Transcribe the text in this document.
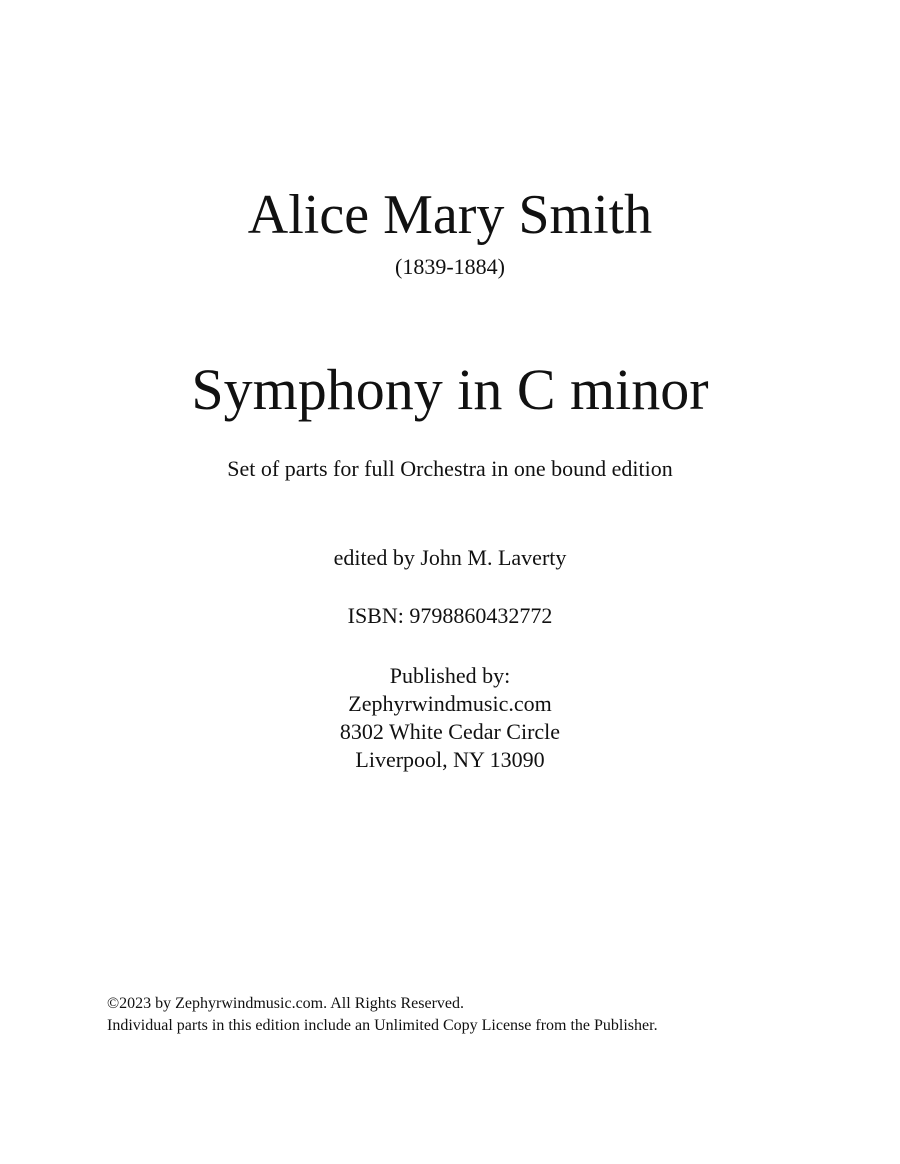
Alice Mary Smith
(1839-1884)
Symphony in C minor
Set of parts for full Orchestra in one bound edition
edited by John M. Laverty
ISBN: 9798860432772
Published by:
Zephyrwindmusic.com
8302 White Cedar Circle
Liverpool, NY 13090
©2023 by Zephyrwindmusic.com. All Rights Reserved.
Individual parts in this edition include an Unlimited Copy License from the Publisher.
